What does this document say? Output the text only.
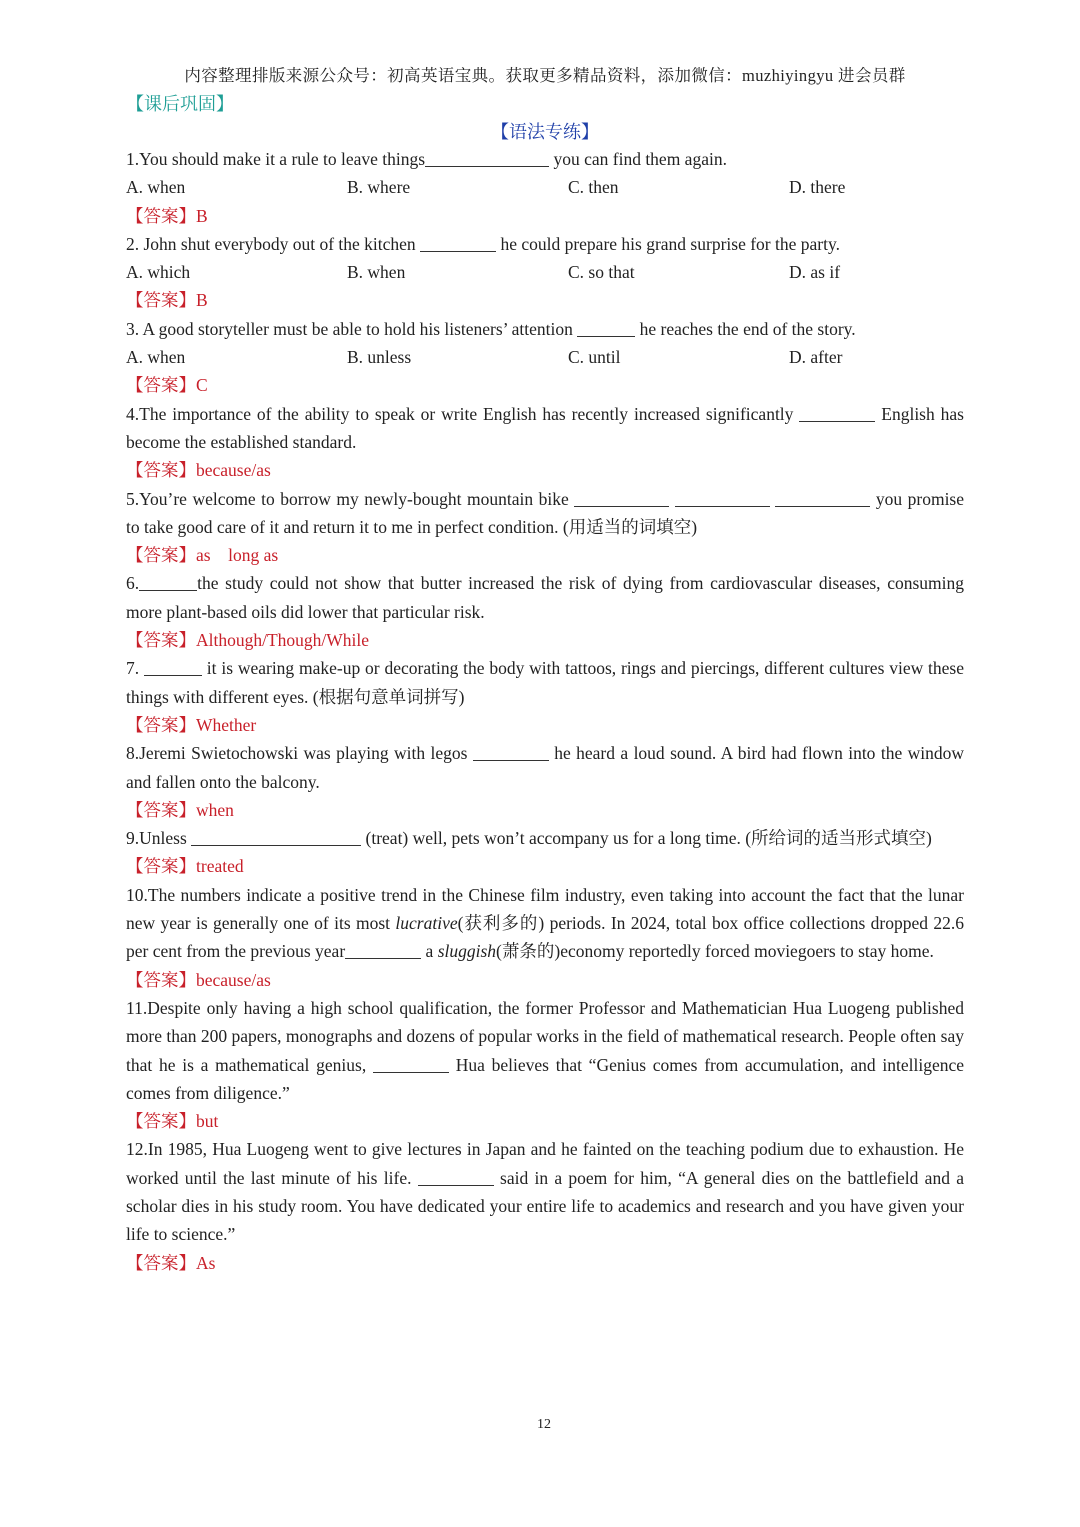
内容整理排版来源公众号：初高英语宝典。获取更多精品资料，添加微信：muzhiyingyu 进会员群
【课后巩固】
【语法专练】
1.You should make it a rule to leave things	you can find them again.
A. when	B. where	C. then	D. there
【答案】B
2. John shut everybody out of the kitchen	he could prepare his grand surprise for the party.
A. which	B. when	C. so that	D. as if
【答案】B
3. A good storyteller must be able to hold his listeners’ attention	he reaches the end of the story.
A. when	B. unless	C. until	D. after
【答案】C
4.The importance of the ability to speak or write English has recently increased significantly	English has become the established standard.
【答案】because/as
5.You’re welcome to borrow my newly-bought mountain bike	you promise to take good care of it and return it to me in perfect condition. (用适当的词填空)
【答案】as    long as
6.	the study could not show that butter increased the risk of dying from cardiovascular diseases, consuming more plant-based oils did lower that particular risk.
【答案】Although/Though/While
7.	it is wearing make-up or decorating the body with tattoos, rings and piercings, different cultures view these things with different eyes. (根据句意单词拼写)
【答案】Whether
8.Jeremi Swietochowski was playing with legos	he heard a loud sound. A bird had flown into the window and fallen onto the balcony.
【答案】when
9.Unless	(treat) well, pets won’t accompany us for a long time. (所给词的适当形式填空)
【答案】treated
10.The numbers indicate a positive trend in the Chinese film industry, even taking into account the fact that the lunar new year is generally one of its most lucrative(获利多的) periods. In 2024, total box office collections dropped 22.6 per cent from the previous year	a sluggish(萧条的)economy reportedly forced moviegoers to stay home.
【答案】because/as
11.Despite only having a high school qualification, the former Professor and Mathematician Hua Luogeng published more than 200 papers, monographs and dozens of popular works in the field of mathematical research. People often say that he is a mathematical genius,	Hua believes that “Genius comes from accumulation, and intelligence comes from diligence.”
【答案】but
12.In 1985, Hua Luogeng went to give lectures in Japan and he fainted on the teaching podium due to exhaustion. He worked until the last minute of his life.	said in a poem for him, “A general dies on the battlefield and a scholar dies in his study room. You have dedicated your entire life to academics and research and you have given your life to science.”
【答案】As
12
